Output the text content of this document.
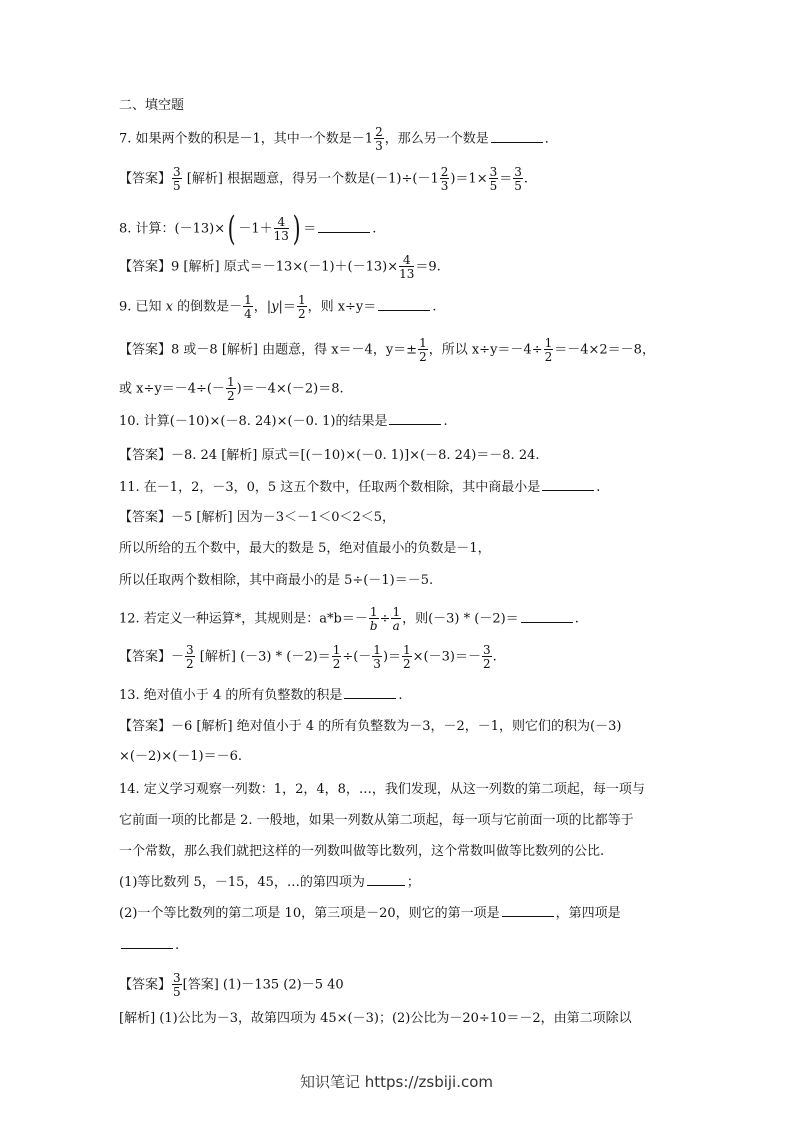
二、填空题
7. 如果两个数的积是－1，其中一个数是$-1 \frac{2}{3}$ ，那么另一个数是	．
【答案】 $\frac{3}{5}$ [解析] 根据题意，得另一个数是$(-1)\div(-1 \frac{2}{3} )=1\times \frac{3}{5} = \frac{3}{5}$ .
8. 计算：$(-13)\times( -1+ \frac{4}{13}$ ) ＝	.
【答案】9 [解析] 原式$=-13\times(-1)+(-13)\times \frac{4}{13} =9$.
9. 已知 x 的倒数是－ $\frac{1}{4}$ ，$|y|= \frac{1}{2}$ ，则 x÷y＝	.
【答案】8 或－8 [解析] 由题意，得 x＝－4，$y=\pm \frac{1}{2}$ ，所以 $x\div y=-4\div \frac{1}{2} =-4\times 2=-8$，
或 $x\div y=-4\div(- \frac{1}{2} )=-4\times(-2)=8$.
10. 计算(－10)×(－8. 24)×(－0. 1)的结果是	.
【答案】－8. 24 [解析] 原式＝[(－10)×(－0. 1)]×(－8. 24)＝－8. 24.
11. 在－1，2，－3，0，5 这五个数中，任取两个数相除，其中商最小是	.
【答案】－5 [解析] 因为－3＜－1＜0＜2＜5，
所以所给的五个数中，最大的数是 5，绝对值最小的负数是－1，
所以任取两个数相除，其中商最小的是 5÷(－1)＝－5.
12. 若定义一种运算*，其规则是：$a*b=- \frac{1}{b} \div \frac{1}{a}$ ，则(－3) * (－2)＝	.
【答案】－ $\frac{3}{2}$ [解析] $(-3) * (-2)= \frac{1}{2}$ ÷(－ $\frac{1}{3}$ )＝ $\frac{1}{2} \times(-3)=- \frac{3}{2}$ .
13. 绝对值小于 4 的所有负整数的积是	.
【答案】－6 [解析] 绝对值小于 4 的所有负整数为－3，－2，－1，则它们的积为(－3)
×(－2)×(－1)＝－6.
14. 定义学习观察一列数：1，2，4，8，…，我们发现，从这一列数的第二项起，每一项与
它前面一项的比都是 2. 一般地，如果一列数从第二项起，每一项与它前面一项的比都等于
一个常数，那么我们就把这样的一列数叫做等比数列，这个常数叫做等比数列的公比.
(1)等比数列 5，－15，45，…的第四项为	；
(2)一个等比数列的第二项是 10，第三项是－20，则它的第一项是	，第四项是
.
【答案】 $\frac{3}{5}$ [答案] (1)－135 (2)－5 40
[解析] (1)公比为－3，故第四项为 45×(－3)；(2)公比为－20÷10＝－2，由第二项除以
知识笔记 https://zsbiji.com
